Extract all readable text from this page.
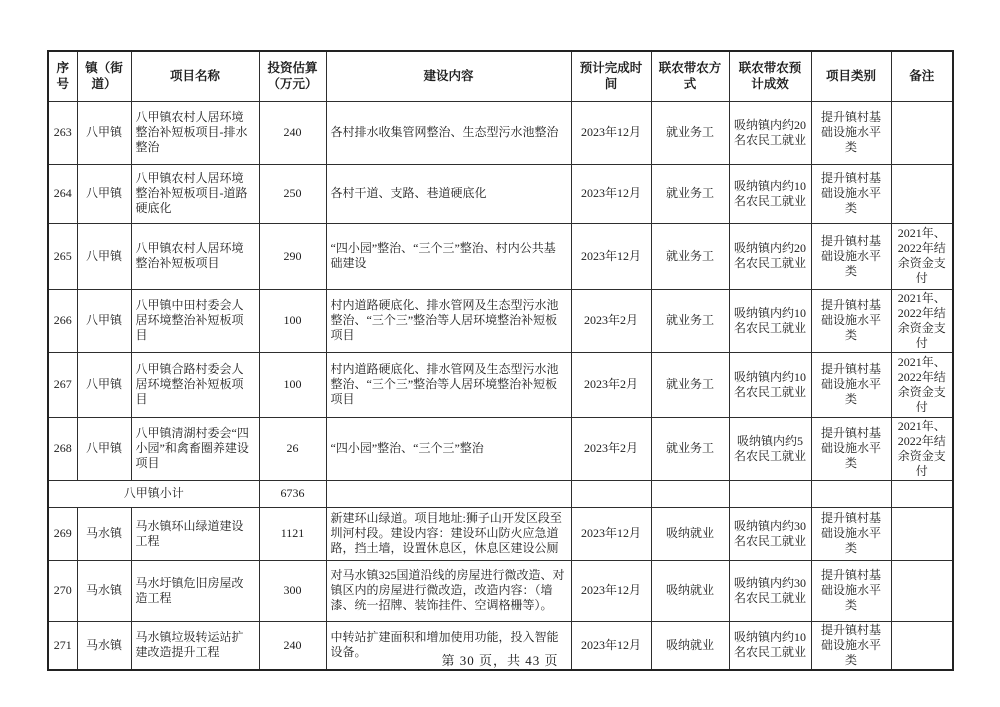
序号	镇（街道）	项目名称	投资估算（万元）	建设内容	预计完成时间	联农带农方式	联农带农预计成效	项目类别	备注
263	八甲镇	八甲镇农村人居环境整治补短板项目-排水整治	240	各村排水收集管网整治、生态型污水池整治	2023年12月	就业务工	吸纳镇内约20名农民工就业	提升镇村基础设施水平类	
264	八甲镇	八甲镇农村人居环境整治补短板项目-道路硬底化	250	各村干道、支路、巷道硬底化	2023年12月	就业务工	吸纳镇内约10名农民工就业	提升镇村基础设施水平类	
265	八甲镇	八甲镇农村人居环境整治补短板项目	290	“四小园”整治、“三个三”整治、村内公共基础建设	2023年12月	就业务工	吸纳镇内约20名农民工就业	提升镇村基础设施水平类	2021年、2022年结余资金支付
266	八甲镇	八甲镇中田村委会人居环境整治补短板项目	100	村内道路硬底化、排水管网及生态型污水池整治、“三个三”整治等人居环境整治补短板项目	2023年2月	就业务工	吸纳镇内约10名农民工就业	提升镇村基础设施水平类	2021年、2022年结余资金支付
267	八甲镇	八甲镇合路村委会人居环境整治补短板项目	100	村内道路硬底化、排水管网及生态型污水池整治、“三个三”整治等人居环境整治补短板项目	2023年2月	就业务工	吸纳镇内约10名农民工就业	提升镇村基础设施水平类	2021年、2022年结余资金支付
268	八甲镇	八甲镇清湖村委会“四小园”和禽畜圈养建设项目	26	“四小园”整治、“三个三”整治	2023年2月	就业务工	吸纳镇内约5名农民工就业	提升镇村基础设施水平类	2021年、2022年结余资金支付
八甲镇小计			6736						
269	马水镇	马水镇环山绿道建设工程	1121	新建环山绿道。项目地址:狮子山开发区段至圳河村段。建设内容：建设环山防火应急道路，挡土墙，设置休息区，休息区建设公厕	2023年12月	吸纳就业	吸纳镇内约30名农民工就业	提升镇村基础设施水平类	
270	马水镇	马水圩镇危旧房屋改造工程	300	对马水镇325国道沿线的房屋进行微改造、对镇区内的房屋进行微改造，改造内容：（墙漆、统一招牌、装饰挂件、空调格栅等）。	2023年12月	吸纳就业	吸纳镇内约30名农民工就业	提升镇村基础设施水平类	
271	马水镇	马水镇垃圾转运站扩建改造提升工程	240	中转站扩建面积和增加使用功能，投入智能设备。	2023年12月	吸纳就业	吸纳镇内约10名农民工就业	提升镇村基础设施水平类	
第 30 页，共 43 页
